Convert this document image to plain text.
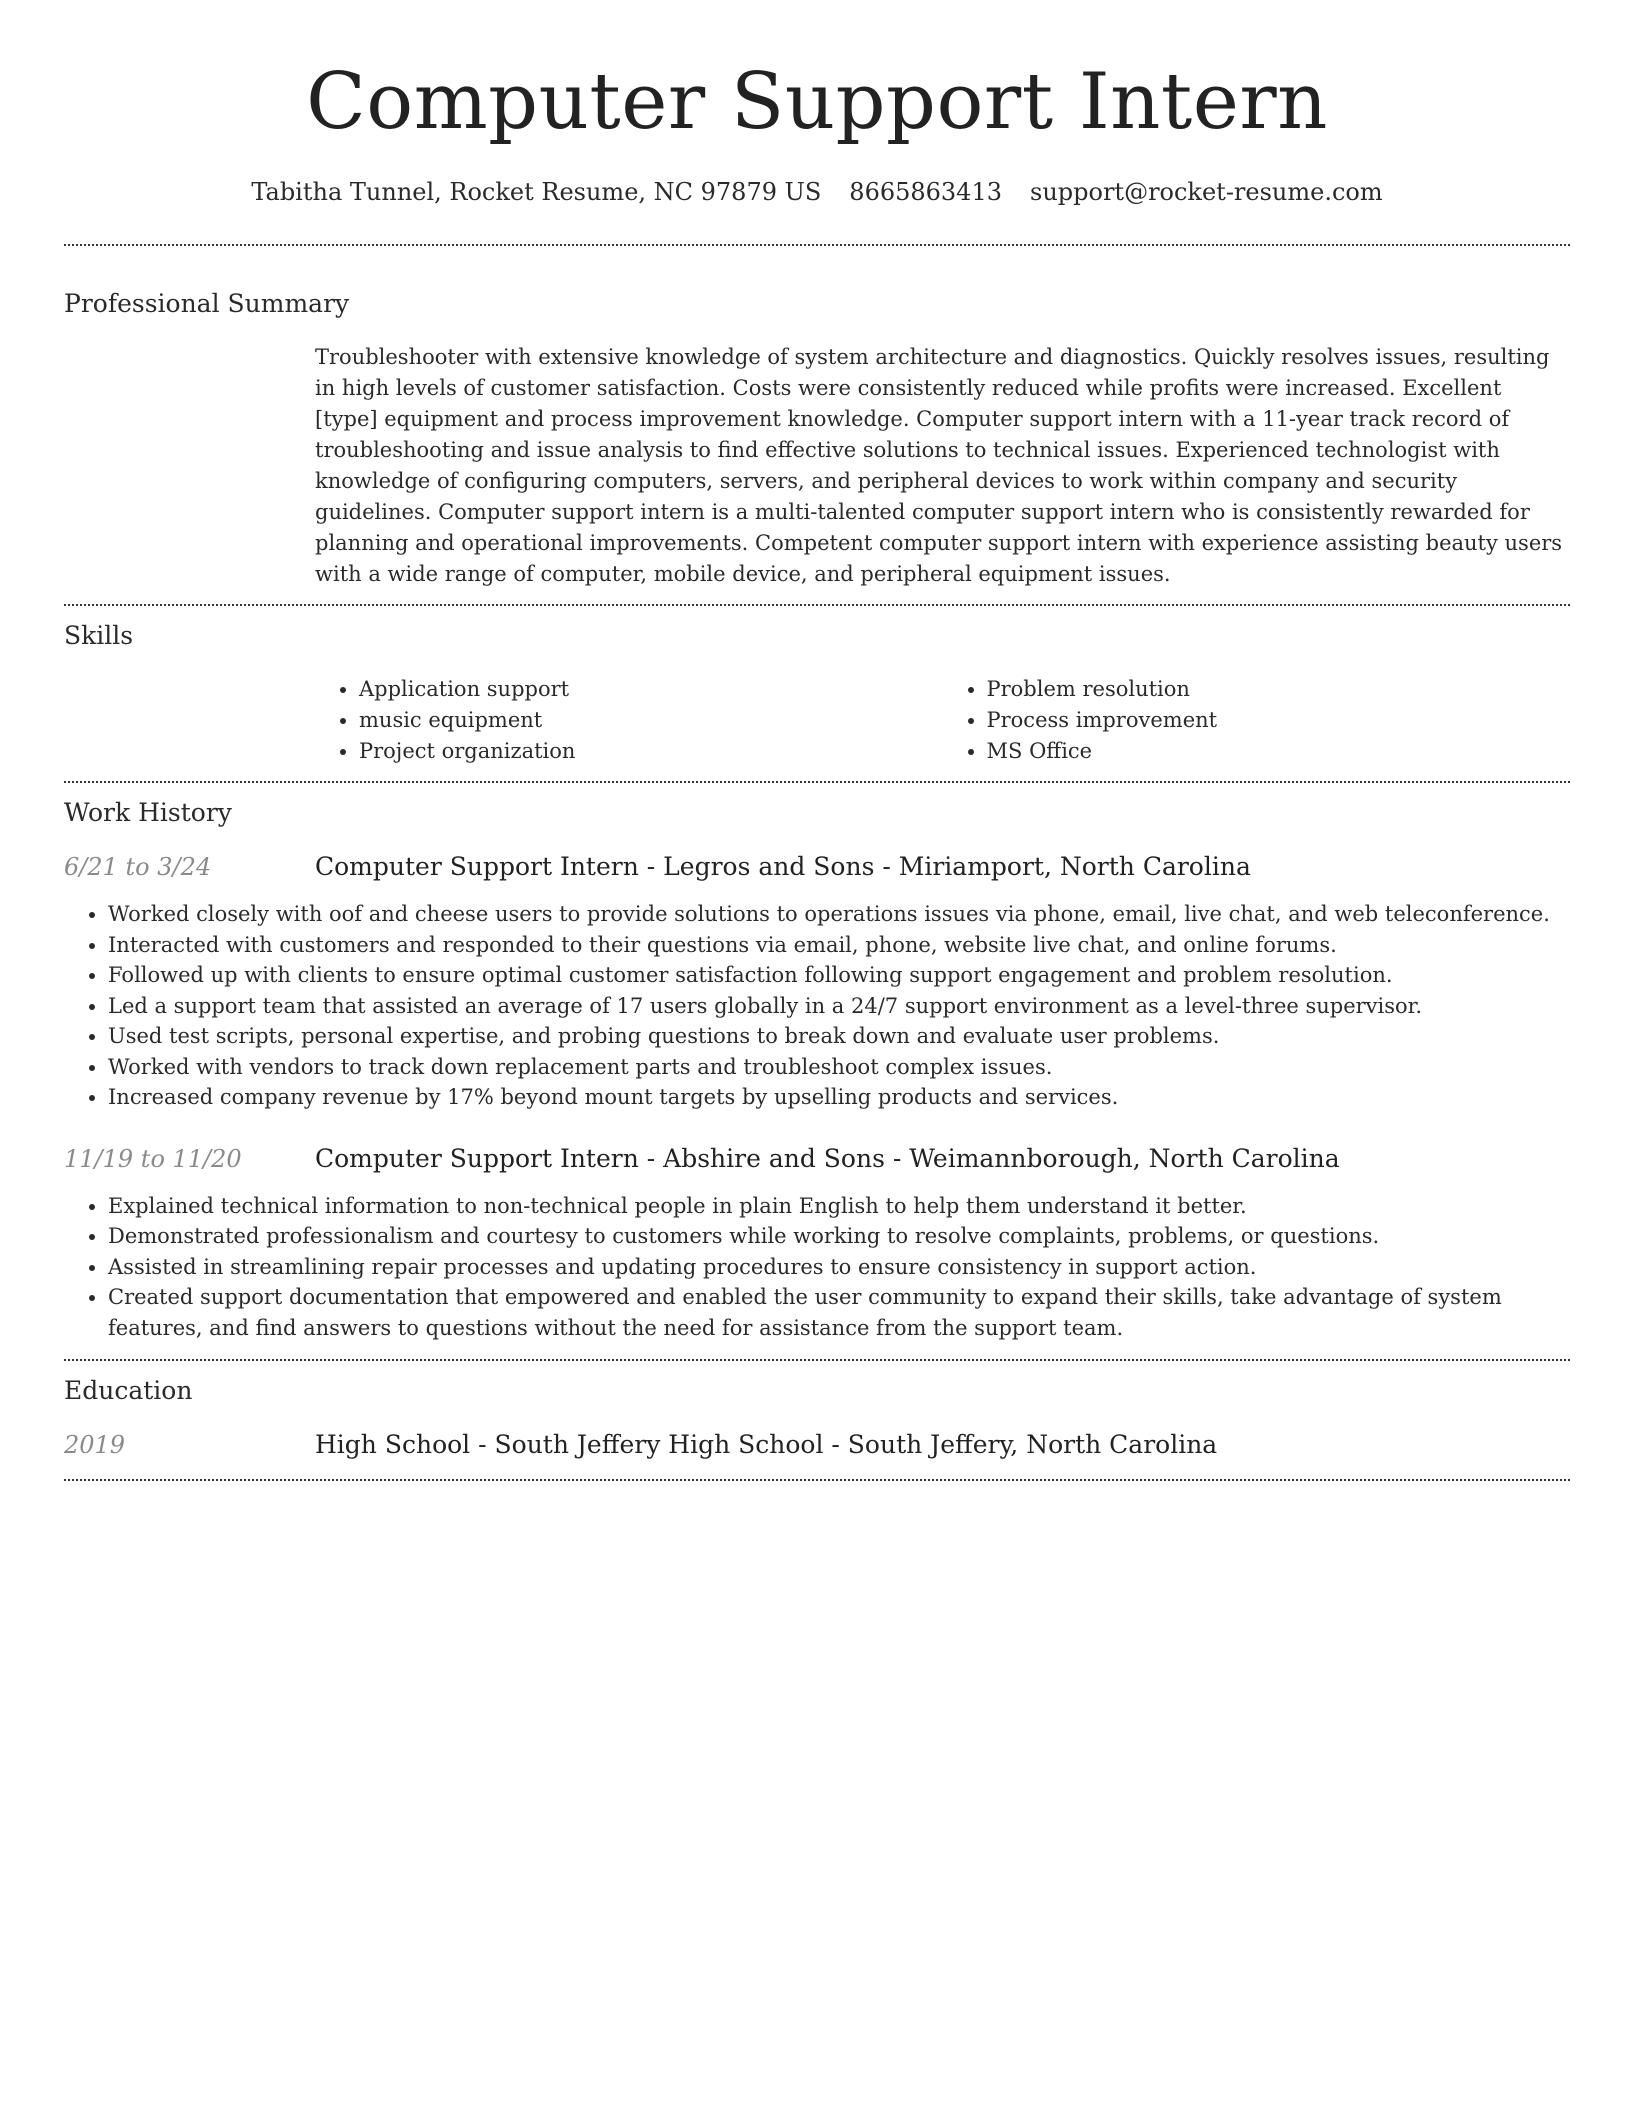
Computer Support Intern
Tabitha Tunnel, Rocket Resume, NC 97879 US 8665863413 support@rocket-resume.com
Professional Summary
Troubleshooter with extensive knowledge of system architecture and diagnostics. Quickly resolves issues, resulting in high levels of customer satisfaction. Costs were consistently reduced while profits were increased. Excellent [type] equipment and process improvement knowledge. Computer support intern with a 11-year track record of troubleshooting and issue analysis to find effective solutions to technical issues. Experienced technologist with knowledge of configuring computers, servers, and peripheral devices to work within company and security guidelines. Computer support intern is a multi-talented computer support intern who is consistently rewarded for planning and operational improvements. Competent computer support intern with experience assisting beauty users with a wide range of computer, mobile device, and peripheral equipment issues.
Skills
• Application support
• music equipment
• Project organization
• Problem resolution
• Process improvement
• MS Office
Work History
6/21 to 3/24	Computer Support Intern - Legros and Sons - Miriamport, North Carolina
• Worked closely with oof and cheese users to provide solutions to operations issues via phone, email, live chat, and web teleconference.
• Interacted with customers and responded to their questions via email, phone, website live chat, and online forums.
• Followed up with clients to ensure optimal customer satisfaction following support engagement and problem resolution.
• Led a support team that assisted an average of 17 users globally in a 24/7 support environment as a level-three supervisor.
• Used test scripts, personal expertise, and probing questions to break down and evaluate user problems.
• Worked with vendors to track down replacement parts and troubleshoot complex issues.
• Increased company revenue by 17% beyond mount targets by upselling products and services.
11/19 to 11/20	Computer Support Intern - Abshire and Sons - Weimannborough, North Carolina
• Explained technical information to non-technical people in plain English to help them understand it better.
• Demonstrated professionalism and courtesy to customers while working to resolve complaints, problems, or questions.
• Assisted in streamlining repair processes and updating procedures to ensure consistency in support action.
• Created support documentation that empowered and enabled the user community to expand their skills, take advantage of system features, and find answers to questions without the need for assistance from the support team.
Education
2019	High School - South Jeffery High School - South Jeffery, North Carolina
